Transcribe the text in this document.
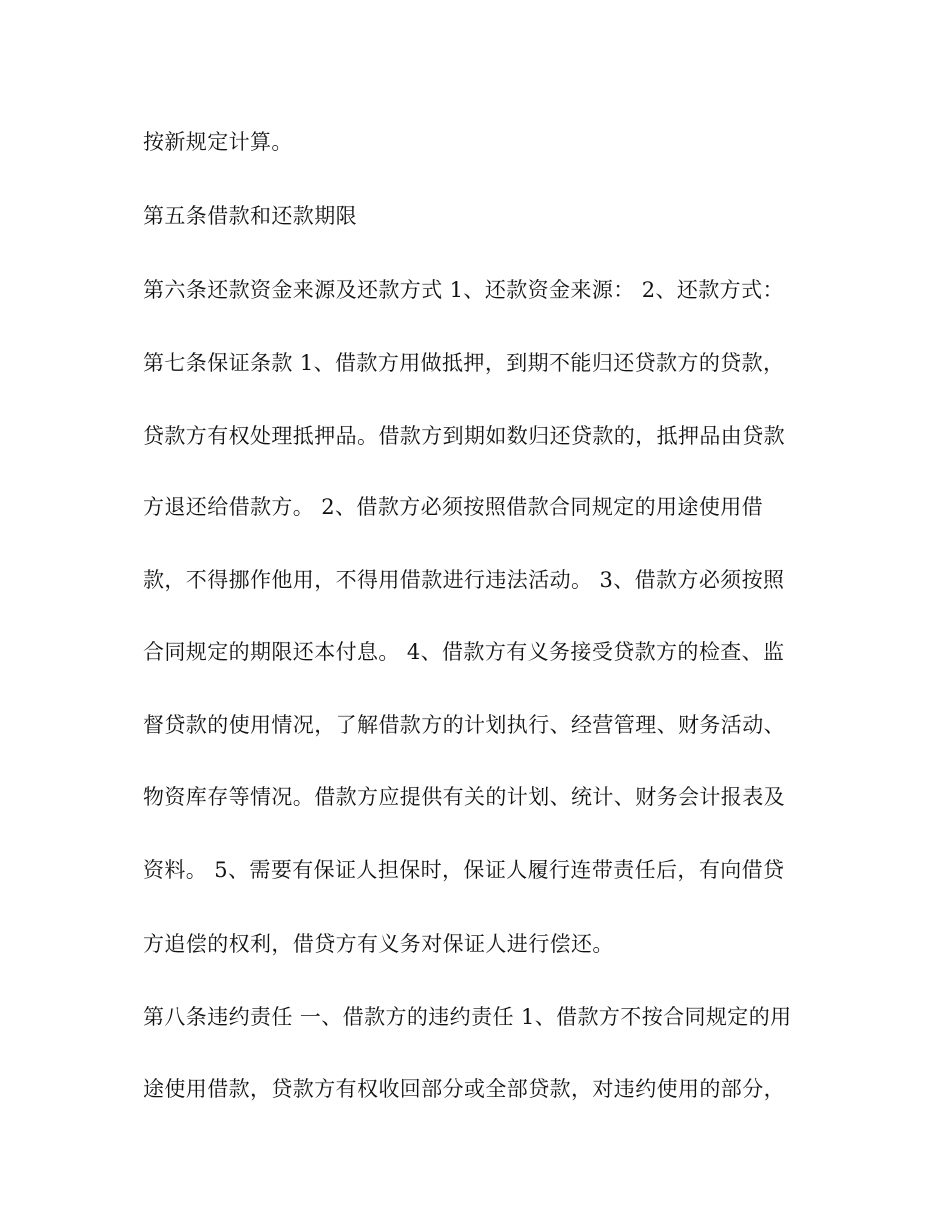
按新规定计算。
第五条借款和还款期限
第六条还款资金来源及还款方式 1、还款资金来源： 2、还款方式：
第七条保证条款 1、借款方用做抵押，到期不能归还贷款方的贷款，
贷款方有权处理抵押品。借款方到期如数归还贷款的，抵押品由贷款
方退还给借款方。 2、借款方必须按照借款合同规定的用途使用借
款，不得挪作他用，不得用借款进行违法活动。 3、借款方必须按照
合同规定的期限还本付息。 4、借款方有义务接受贷款方的检查、监
督贷款的使用情况，了解借款方的计划执行、经营管理、财务活动、
物资库存等情况。借款方应提供有关的计划、统计、财务会计报表及
资料。 5、需要有保证人担保时，保证人履行连带责任后，有向借贷
方追偿的权利，借贷方有义务对保证人进行偿还。
第八条违约责任 一、借款方的违约责任 1、借款方不按合同规定的用
途使用借款，贷款方有权收回部分或全部贷款，对违约使用的部分，
